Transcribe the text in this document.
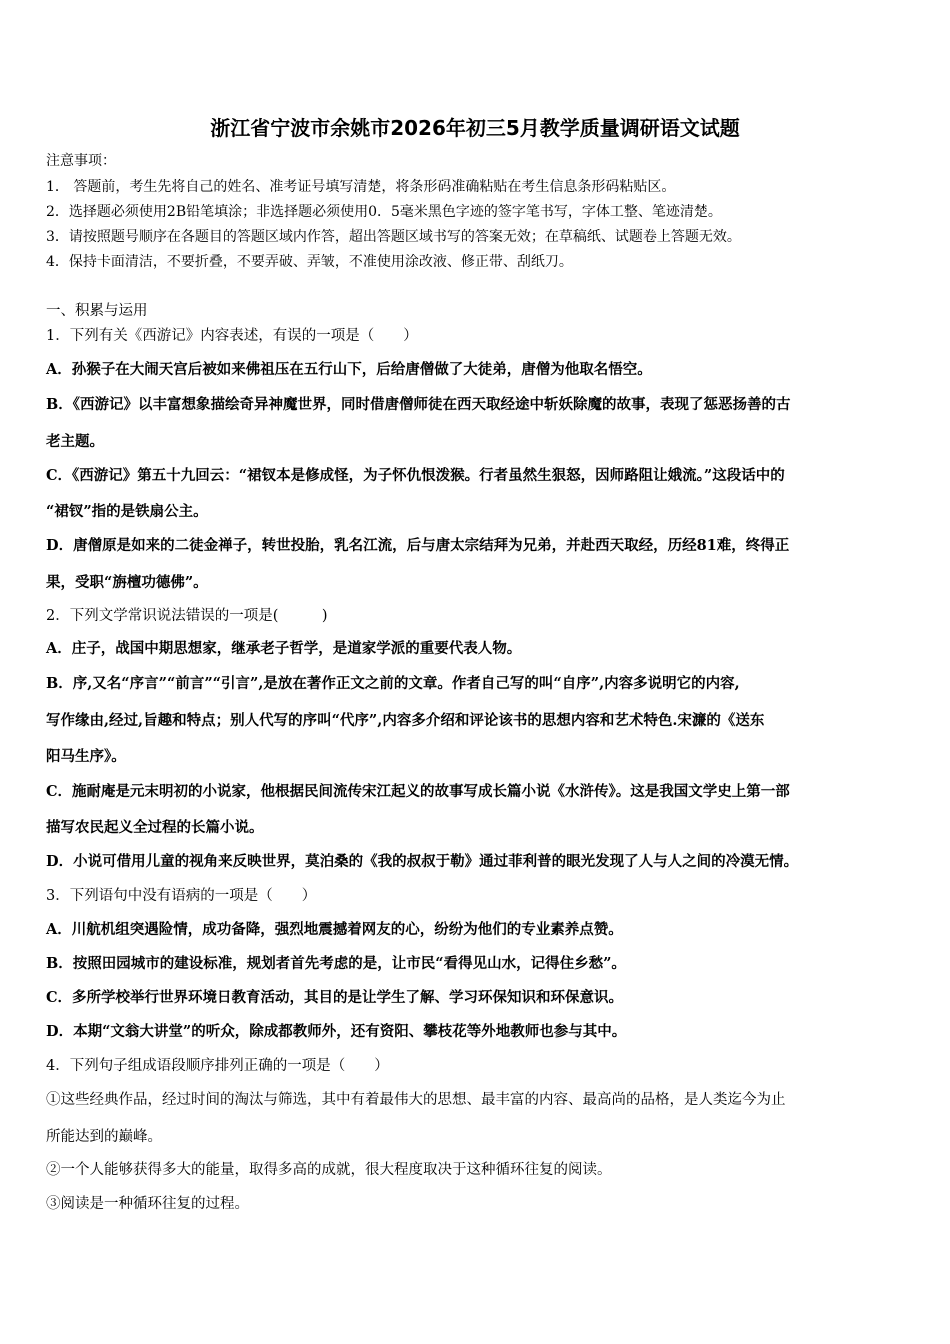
浙江省宁波市余姚市2026年初三5月教学质量调研语文试题
注意事项：
1． 答题前，考生先将自己的姓名、准考证号填写清楚，将条形码准确粘贴在考生信息条形码粘贴区。
2．选择题必须使用2B铅笔填涂；非选择题必须使用0．5毫米黑色字迹的签字笔书写，字体工整、笔迹清楚。
3．请按照题号顺序在各题目的答题区域内作答，超出答题区域书写的答案无效；在草稿纸、试题卷上答题无效。
4．保持卡面清洁，不要折叠，不要弄破、弄皱，不准使用涂改液、修正带、刮纸刀。
一、积累与运用
1．下列有关《西游记》内容表述，有误的一项是（　　）
A．孙猴子在大闹天宫后被如来佛祖压在五行山下，后给唐僧做了大徒弟，唐僧为他取名悟空。
B．《西游记》以丰富想象描绘奇异神魔世界，同时借唐僧师徒在西天取经途中斩妖除魔的故事，表现了惩恶扬善的古
老主题。
C．《西游记》第五十九回云：“裙钗本是修成怪，为子怀仇恨泼猴。行者虽然生狠怒，因师路阻让娥流。”这段话中的
“裙钗”指的是铁扇公主。
D．唐僧原是如来的二徒金禅子，转世投胎，乳名江流，后与唐太宗结拜为兄弟，并赴西天取经，历经81难，终得正
果，受职“旃檀功德佛”。
2．下列文学常识说法错误的一项是(　　　)
A．庄子，战国中期思想家，继承老子哲学，是道家学派的重要代表人物。
B．序,又名“序言”“前言”“引言”,是放在著作正文之前的文章。作者自己写的叫“自序”,内容多说明它的内容,
写作缘由,经过,旨趣和特点；别人代写的序叫“代序”,内容多介绍和评论该书的思想内容和艺术特色.宋濂的《送东
阳马生序》。
C．施耐庵是元末明初的小说家，他根据民间流传宋江起义的故事写成长篇小说《水浒传》。这是我国文学史上第一部
描写农民起义全过程的长篇小说。
D．小说可借用儿童的视角来反映世界，莫泊桑的《我的叔叔于勒》通过菲利普的眼光发现了人与人之间的冷漠无情。
3．下列语句中没有语病的一项是（　　）
A．川航机组突遇险情，成功备降，强烈地震撼着网友的心，纷纷为他们的专业素养点赞。
B．按照田园城市的建设标准，规划者首先考虑的是，让市民“看得见山水，记得住乡愁”。
C．多所学校举行世界环境日教育活动，其目的是让学生了解、学习环保知识和环保意识。
D．本期“文翁大讲堂”的听众，除成都教师外，还有资阳、攀枝花等外地教师也参与其中。
4．下列句子组成语段顺序排列正确的一项是（　　）
①这些经典作品，经过时间的淘汰与筛选，其中有着最伟大的思想、最丰富的内容、最高尚的品格，是人类迄今为止
所能达到的巅峰。
②一个人能够获得多大的能量，取得多高的成就，很大程度取决于这种循环往复的阅读。
③阅读是一种循环往复的过程。
